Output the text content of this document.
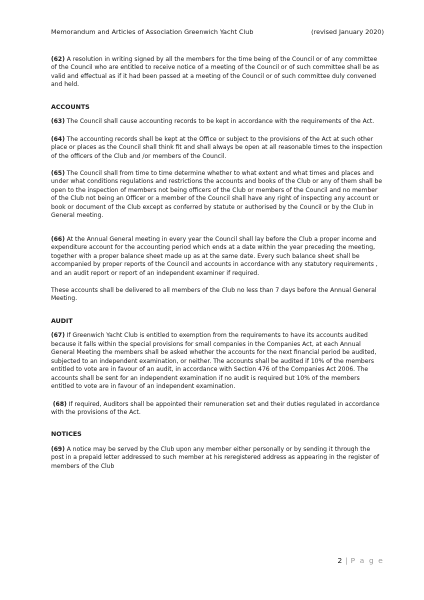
Memorandum and Articles of Association Greenwich Yacht Club	(revised January 2020)

(62) A resolution in writing signed by all the members for the time being of the Council or of any committee of the Council who are entitled to receive notice of a meeting of the Council or of such committee shall be as valid and effectual as if it had been passed at a meeting of the Council or of such committee duly convened and held.

ACCOUNTS

(63) The Council shall cause accounting records to be kept in accordance with the requirements of the Act.

(64) The accounting records shall be kept at the Office or subject to the provisions of the Act at such other place or places as the Council shall think fit and shall always be open at all reasonable times to the inspection of the officers of the Club and /or members of the Council.

(65) The Council shall from time to time determine whether to what extent and what times and places and under what conditions regulations and restrictions the accounts and books of the Club or any of them shall be open to the inspection of members not being officers of the Club or members of the Council and no member of the Club not being an Officer or a member of the Council shall have any right of inspecting any account or book or document of the Club except as conferred by statute or authorised by the Council or by the Club in General meeting.

(66) At the Annual General meeting in every year the Council shall lay before the Club a proper income and expenditure account for the accounting period which ends at a date within the year preceding the meeting, together with a proper balance sheet made up as at the same date. Every such balance sheet shall be accompanied by proper reports of the Council and accounts in accordance with any statutory requirements , and an audit report or report of an independent examiner if required.

These accounts shall be delivered to all members of the Club no less than 7 days before the Annual General Meeting.

AUDIT

(67) If Greenwich Yacht Club is entitled to exemption from the requirements to have its accounts audited because it falls within the special provisions for small companies in the Companies Act, at each Annual General Meeting the members shall be asked whether the accounts for the next financial period be audited, subjected to an independent examination, or neither. The accounts shall be audited if 10% of the members entitled to vote are in favour of an audit, in accordance with Section 476 of the Companies Act 2006. The accounts shall be sent for an independent examination if no audit is required but 10% of the members entitled to vote are in favour of an independent examination.

(68) If required, Auditors shall be appointed their remuneration set and their duties regulated in accordance with the provisions of the Act.

NOTICES

(69) A notice may be served by the Club upon any member either personally or by sending it through the post in a prepaid letter addressed to such member at his reregistered address as appearing in the register of members of the Club

2 | P a g e
